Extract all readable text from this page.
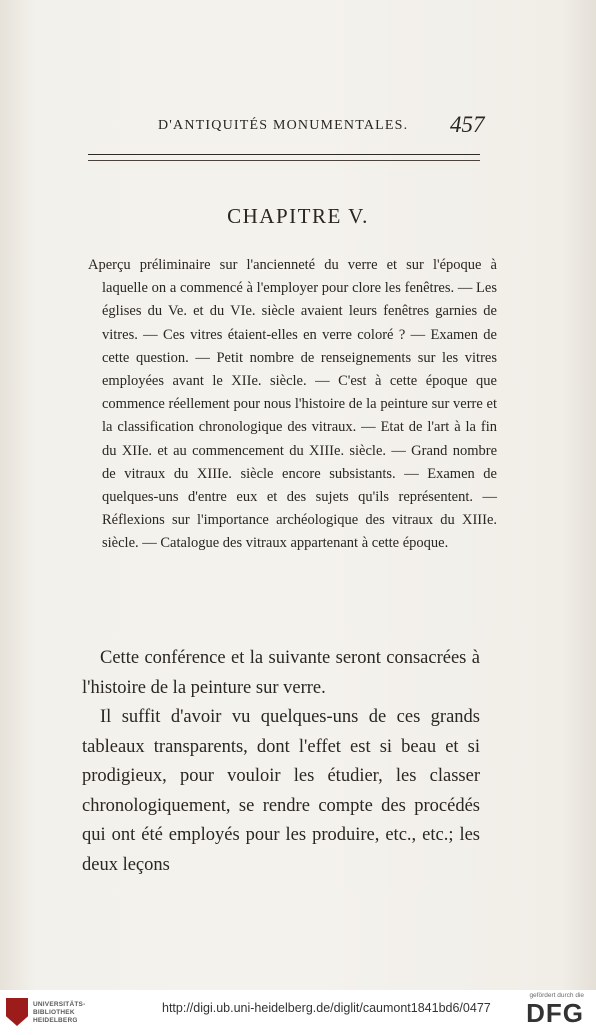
D'ANTIQUITÉS MONUMENTALES. 457
CHAPITRE V.
Aperçu préliminaire sur l'ancienneté du verre et sur l'époque à laquelle on a commencé à l'employer pour clore les fenêtres. — Les églises du Ve. et du VIe. siècle avaient leurs fenêtres garnies de vitres. — Ces vitres étaient-elles en verre coloré ? — Examen de cette question. — Petit nombre de renseignements sur les vitres employées avant le XIIe. siècle. — C'est à cette époque que commence réellement pour nous l'histoire de la peinture sur verre et la classification chronologique des vitraux. — Etat de l'art à la fin du XIIe. et au commencement du XIIIe. siècle. — Grand nombre de vitraux du XIIIe. siècle encore subsistants. — Examen de quelques-uns d'entre eux et des sujets qu'ils représentent. — Réflexions sur l'importance archéologique des vitraux du XIIIe. siècle. — Catalogue des vitraux appartenant à cette époque.

Cette conférence et la suivante seront consacrées à l'histoire de la peinture sur verre.

Il suffit d'avoir vu quelques-uns de ces grands tableaux transparents, dont l'effet est si beau et si prodigieux, pour vouloir les étudier, les classer chronologiquement, se rendre compte des procédés qui ont été employés pour les produire, etc., etc.; les deux leçons

UNIVERSITÄTS-
BIBLIOTHEK
HEIDELBERG
http://digi.ub.uni-heidelberg.de/diglit/caumont1841bd6/0477
gefördert durch die
DFG
